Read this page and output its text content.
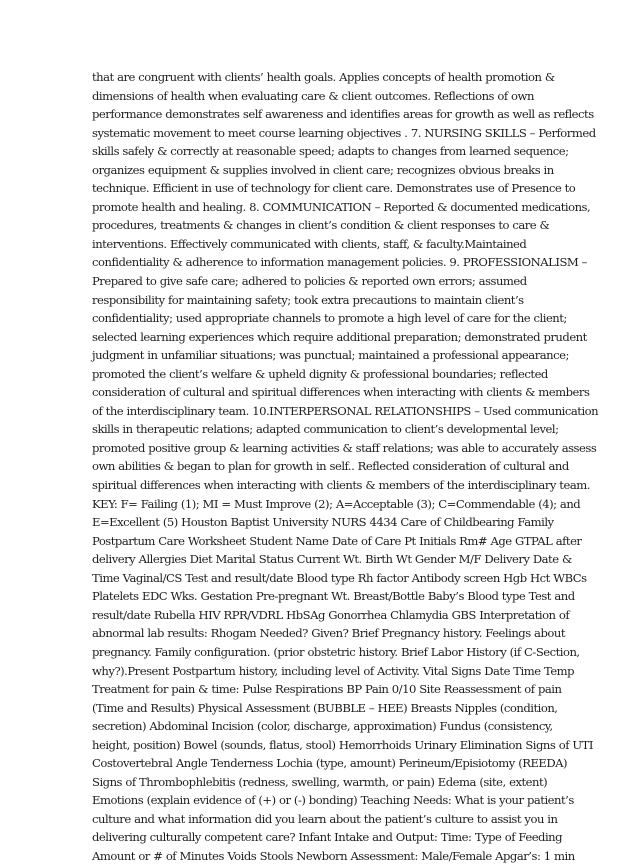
that are congruent with clients’ health goals. Applies concepts of health promotion &
dimensions of health when evaluating care & client outcomes. Reflections of own
performance demonstrates self awareness and identifies areas for growth as well as reflects
systematic movement to meet course learning objectives . 7. NURSING SKILLS – Performed
skills safely & correctly at reasonable speed; adapts to changes from learned sequence;
organizes equipment & supplies involved in client care; recognizes obvious breaks in
technique. Efficient in use of technology for client care. Demonstrates use of Presence to
promote health and healing. 8. COMMUNICATION – Reported & documented medications,
procedures, treatments & changes in client’s condition & client responses to care &
interventions. Effectively communicated with clients, staff, & faculty.Maintained
confidentiality & adherence to information management policies. 9. PROFESSIONALISM –
Prepared to give safe care; adhered to policies & reported own errors; assumed
responsibility for maintaining safety; took extra precautions to maintain client’s
confidentiality; used appropriate channels to promote a high level of care for the client;
selected learning experiences which require additional preparation; demonstrated prudent
judgment in unfamiliar situations; was punctual; maintained a professional appearance;
promoted the client’s welfare & upheld dignity & professional boundaries; reflected
consideration of cultural and spiritual differences when interacting with clients & members
of the interdisciplinary team. 10.INTERPERSONAL RELATIONSHIPS – Used communication
skills in therapeutic relations; adapted communication to client’s developmental level;
promoted positive group & learning activities & staff relations; was able to accurately assess
own abilities & began to plan for growth in self.. Reflected consideration of cultural and
spiritual differences when interacting with clients & members of the interdisciplinary team.
KEY: F= Failing (1); MI = Must Improve (2); A=Acceptable (3); C=Commendable (4); and
E=Excellent (5) Houston Baptist University NURS 4434 Care of Childbearing Family
Postpartum Care Worksheet Student Name Date of Care Pt Initials Rm# Age GTPAL after
delivery Allergies Diet Marital Status Current Wt. Birth Wt Gender M/F Delivery Date &
Time Vaginal/CS Test and result/date Blood type Rh factor Antibody screen Hgb Hct WBCs
Platelets EDC Wks. Gestation Pre-pregnant Wt. Breast/Bottle Baby’s Blood type Test and
result/date Rubella HIV RPR/VDRL HbSAg Gonorrhea Chlamydia GBS Interpretation of
abnormal lab results: Rhogam Needed? Given? Brief Pregnancy history. Feelings about
pregnancy. Family configuration. (prior obstetric history. Brief Labor History (if C-Section,
why?).Present Postpartum history, including level of Activity. Vital Signs Date Time Temp
Treatment for pain & time: Pulse Respirations BP Pain 0/10 Site Reassessment of pain
(Time and Results) Physical Assessment (BUBBLE – HEE) Breasts Nipples (condition,
secretion) Abdominal Incision (color, discharge, approximation) Fundus (consistency,
height, position) Bowel (sounds, flatus, stool) Hemorrhoids Urinary Elimination Signs of UTI
Costovertebral Angle Tenderness Lochia (type, amount) Perineum/Episiotomy (REEDA)
Signs of Thrombophlebitis (redness, swelling, warmth, or pain) Edema (site, extent)
Emotions (explain evidence of (+) or (-) bonding) Teaching Needs: What is your patient’s
culture and what information did you learn about the patient’s culture to assist you in
delivering culturally competent care? Infant Intake and Output: Time: Type of Feeding
Amount or # of Minutes Voids Stools Newborn Assessment: Male/Female Apgar’s: 1 min
